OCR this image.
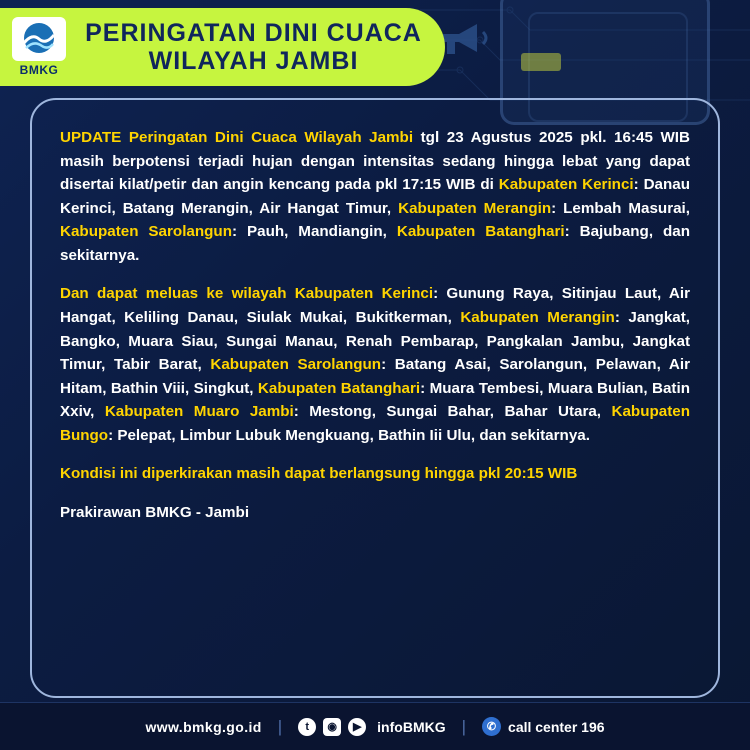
BMKG
PERINGATAN DINI CUACA
WILAYAH JAMBI

UPDATE Peringatan Dini Cuaca Wilayah Jambi tgl 23 Agustus 2025 pkl. 16:45 WIB masih berpotensi terjadi hujan dengan intensitas sedang hingga lebat yang dapat disertai kilat/petir dan angin kencang pada pkl 17:15 WIB di Kabupaten Kerinci: Danau Kerinci, Batang Merangin, Air Hangat Timur, Kabupaten Merangin: Lembah Masurai, Kabupaten Sarolangun: Pauh, Mandiangin, Kabupaten Batanghari: Bajubang, dan sekitarnya.

Dan dapat meluas ke wilayah Kabupaten Kerinci: Gunung Raya, Sitinjau Laut, Air Hangat, Keliling Danau, Siulak Mukai, Bukitkerman, Kabupaten Merangin: Jangkat, Bangko, Muara Siau, Sungai Manau, Renah Pembarap, Pangkalan Jambu, Jangkat Timur, Tabir Barat, Kabupaten Sarolangun: Batang Asai, Sarolangun, Pelawan, Air Hitam, Bathin Viii, Singkut, Kabupaten Batanghari: Muara Tembesi, Muara Bulian, Batin Xxiv, Kabupaten Muaro Jambi: Mestong, Sungai Bahar, Bahar Utara, Kabupaten Bungo: Pelepat, Limbur Lubuk Mengkuang, Bathin Iii Ulu, dan sekitarnya.

Kondisi ini diperkirakan masih dapat berlangsung hingga pkl 20:15 WIB

Prakirawan BMKG - Jambi

www.bmkg.go.id |	t	◉	▶	infoBMKG |	✆ call center 196
